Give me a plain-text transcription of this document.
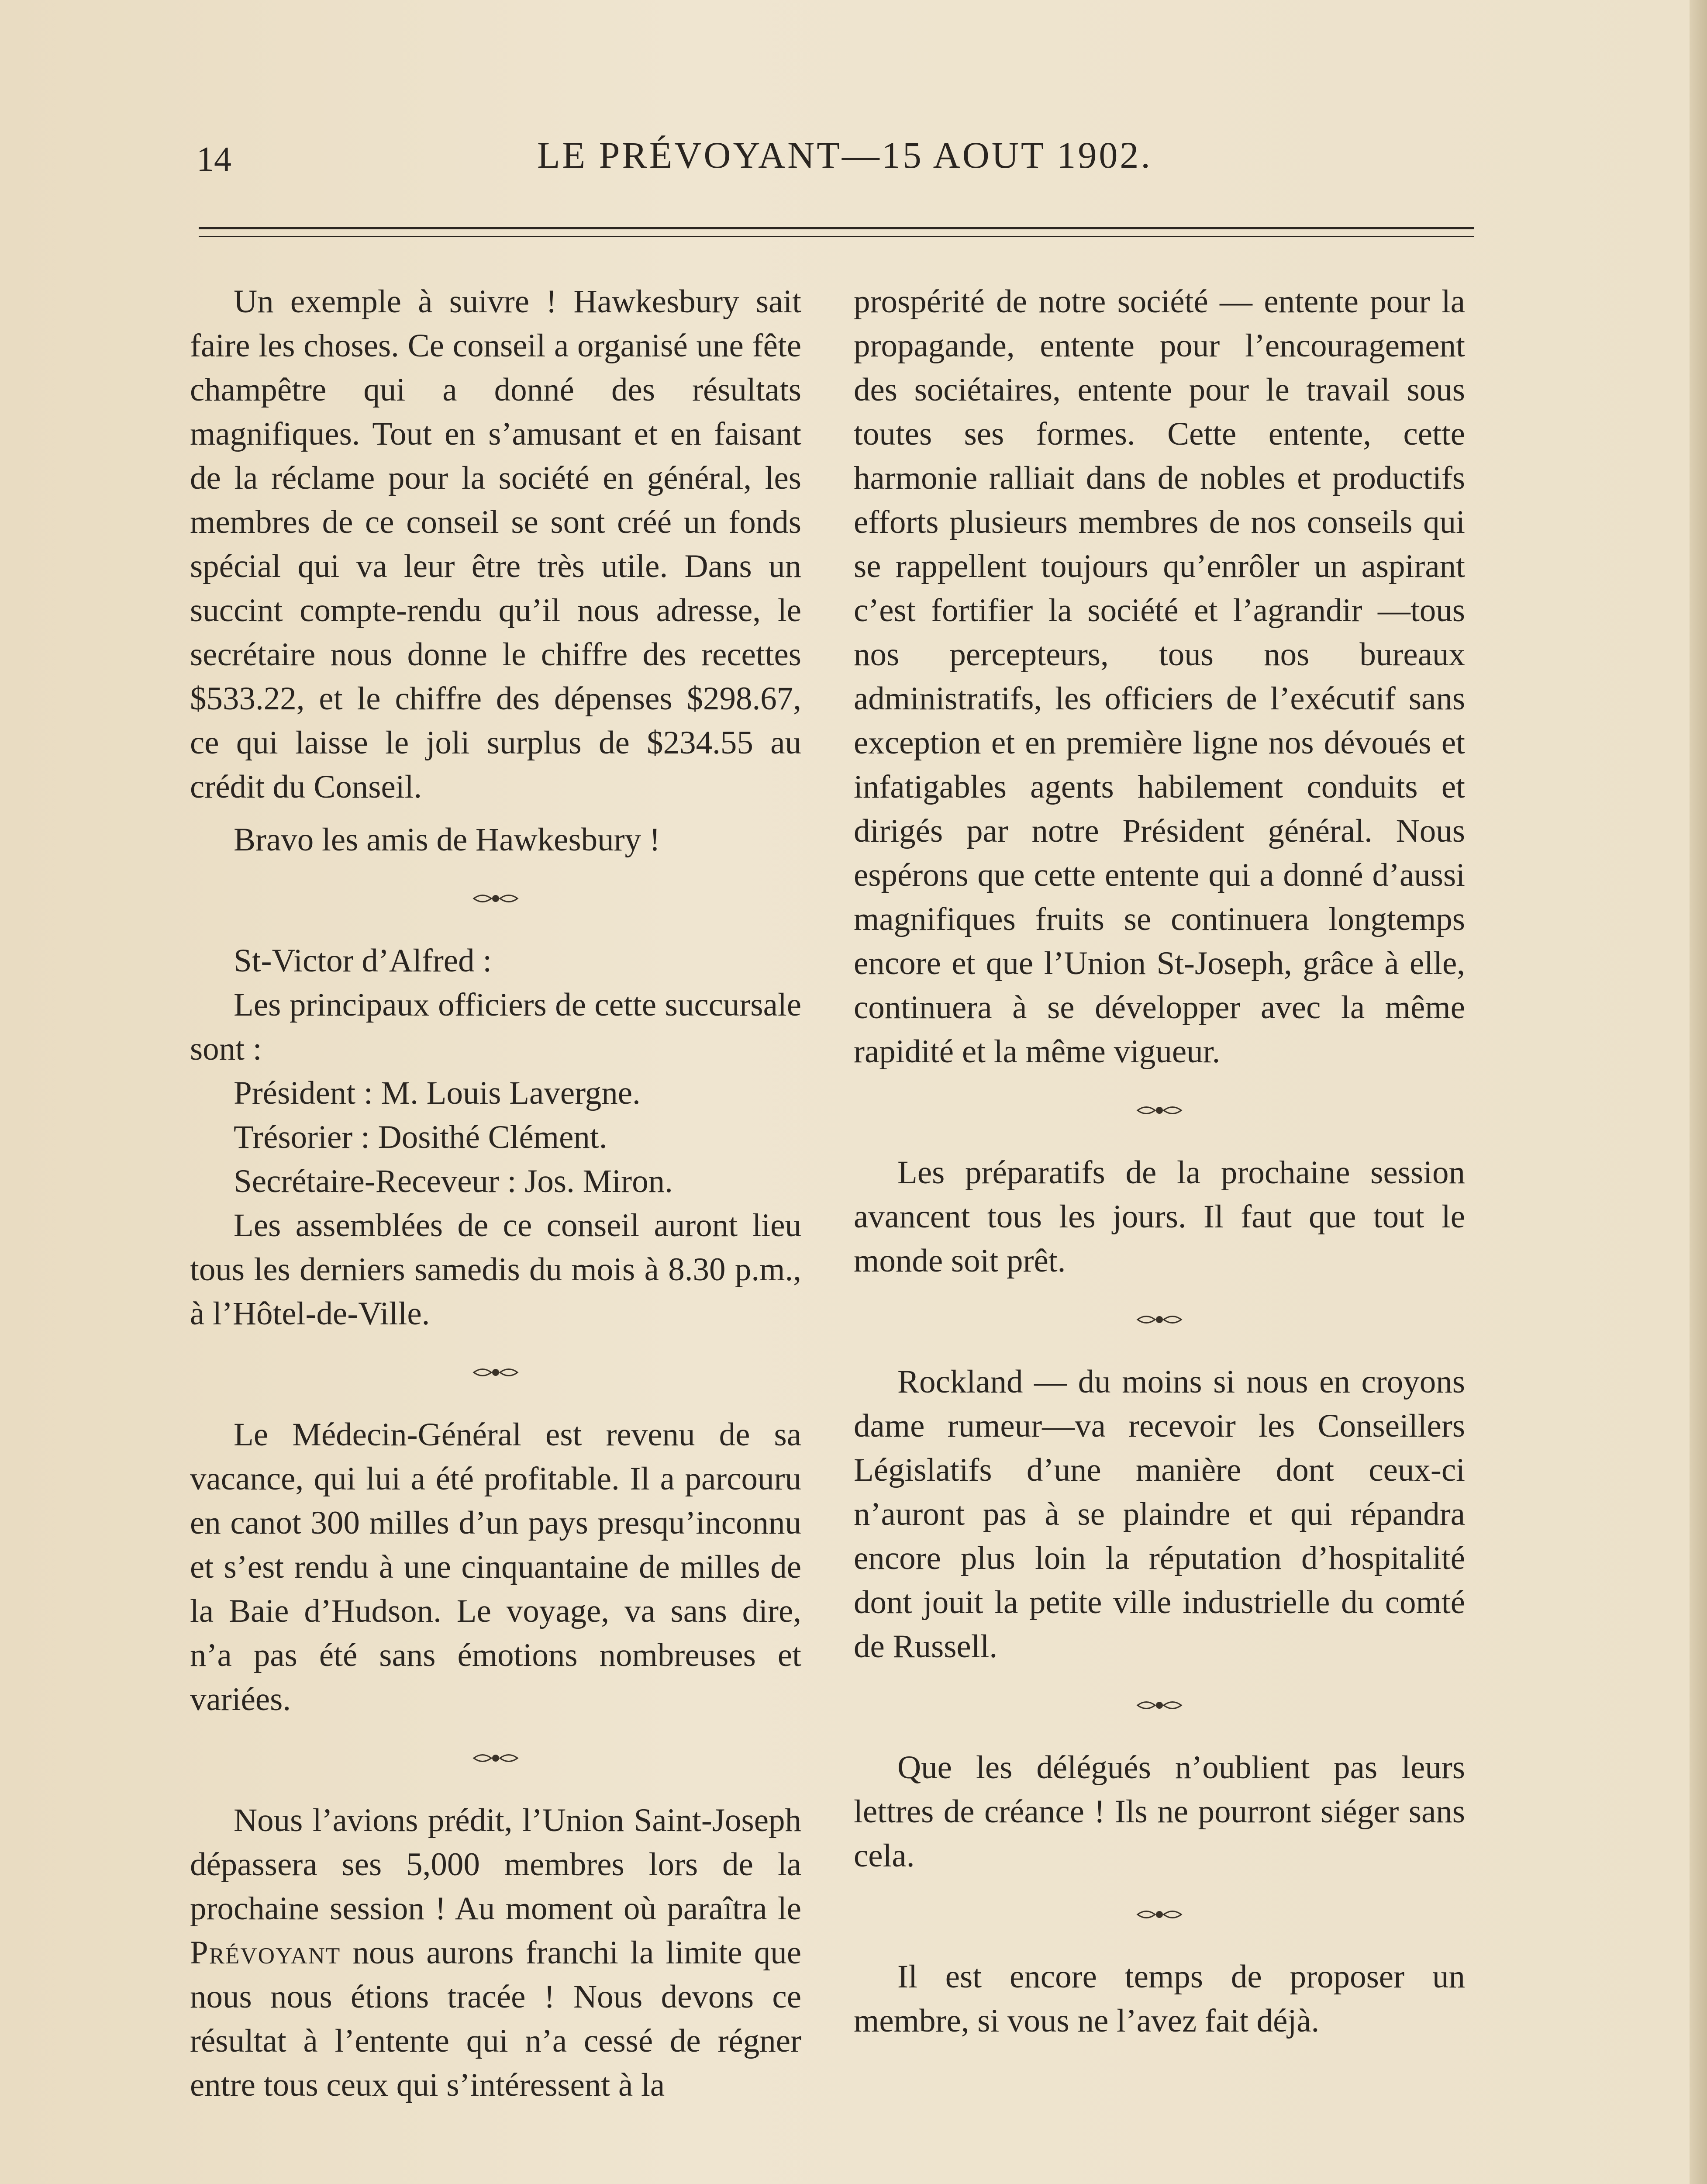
14	LE PRÉVOYANT—15 AOUT 1902.

Un exemple à suivre ! Hawkesbury sait faire les choses. Ce conseil a organisé une fête champêtre qui a donné des résultats magnifiques. Tout en s’amusant et en faisant de la réclame pour la société en général, les membres de ce conseil se sont créé un fonds spécial qui va leur être très utile. Dans un succint compte-rendu qu’il nous adresse, le secrétaire nous donne le chiffre des recettes $533.22, et le chiffre des dépenses $298.67, ce qui laisse le joli surplus de $234.55 au crédit du Conseil.

Bravo les amis de Hawkesbury !

St-Victor d’Alfred :

Les principaux officiers de cette succursale sont :

Président : M. Louis Lavergne.

Trésorier : Dosithé Clément.

Secrétaire-Receveur : Jos. Miron.

Les assemblées de ce conseil auront lieu tous les derniers samedis du mois à 8.30 p.m., à l’Hôtel-de-Ville.

Le Médecin-Général est revenu de sa vacance, qui lui a été profitable. Il a parcouru en canot 300 milles d’un pays presqu’inconnu et s’est rendu à une cinquantaine de milles de la Baie d’Hudson. Le voyage, va sans dire, n’a pas été sans émotions nombreuses et variées.

Nous l’avions prédit, l’Union Saint-Joseph dépassera ses 5,000 membres lors de la prochaine session ! Au moment où paraîtra le Prévoyant nous aurons franchi la limite que nous nous étions tracée ! Nous devons ce résultat à l’entente qui n’a cessé de régner entre tous ceux qui s’intéressent à la

prospérité de notre société — entente pour la propagande, entente pour l’encouragement des sociétaires, entente pour le travail sous toutes ses formes. Cette entente, cette harmonie ralliait dans de nobles et productifs efforts plusieurs membres de nos conseils qui se rappellent toujours qu’enrôler un aspirant c’est fortifier la société et l’agrandir —tous nos percepteurs, tous nos bureaux administratifs, les officiers de l’exécutif sans exception et en première ligne nos dévoués et infatigables agents habilement conduits et dirigés par notre Président général. Nous espérons que cette entente qui a donné d’aussi magnifiques fruits se continuera longtemps encore et que l’Union St-Joseph, grâce à elle, continuera à se développer avec la même rapidité et la même vigueur.

Les préparatifs de la prochaine session avancent tous les jours. Il faut que tout le monde soit prêt.

Rockland — du moins si nous en croyons dame rumeur—va recevoir les Conseillers Législatifs d’une manière dont ceux-ci n’auront pas à se plaindre et qui répandra encore plus loin la réputation d’hospitalité dont jouit la petite ville industrielle du comté de Russell.

Que les délégués n’oublient pas leurs lettres de créance ! Ils ne pourront siéger sans cela.

Il est encore temps de proposer un membre, si vous ne l’avez fait déjà.
